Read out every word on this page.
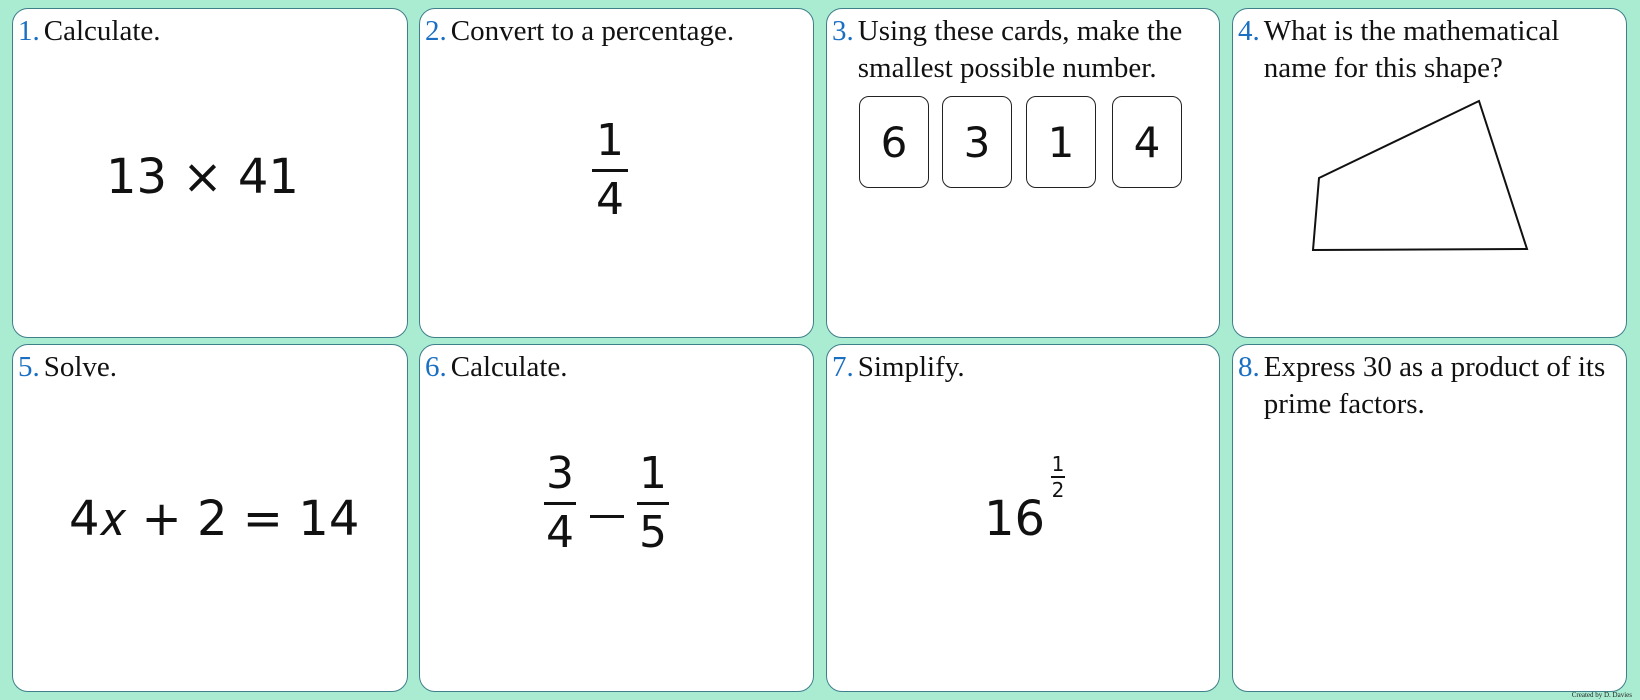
1. Calculate.
13 × 41
2. Convert to a percentage.
1
4
3. Using these cards, make the smallest possible number.
6	3	1	4
4. What is the mathematical name for this shape?
5. Solve.
4𝑥 + 2 = 14
6. Calculate.
3
4
1
5
7. Simplify.
16
1
2
8. Express 30 as a product of its prime factors.
Created by D. Davies
